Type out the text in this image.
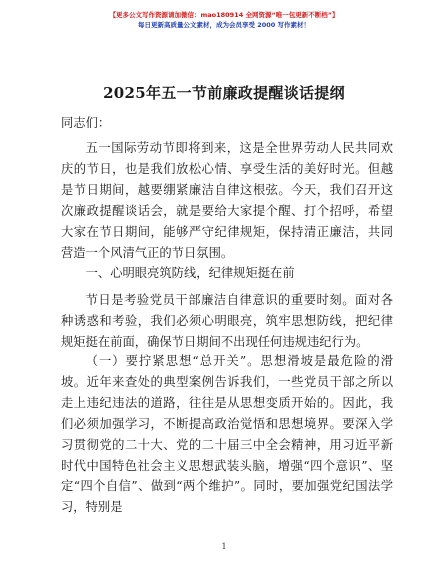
【更多公文写作资源请加微信：mao180914 全网资源“唯一包更新不断档”】
每日更新高质量公文素材，成为会员享受 2000 写作素材！
2025年五一节前廉政提醒谈话提纲
同志们：
五一国际劳动节即将到来，这是全世界劳动人民共同欢庆的节日，也是我们放松心情、享受生活的美好时光。但越是节日期间，越要绷紧廉洁自律这根弦。今天，我们召开这次廉政提醒谈话会，就是要给大家提个醒、打个招呼，希望大家在节日期间，能够严守纪律规矩，保持清正廉洁，共同营造一个风清气正的节日氛围。
一、心明眼亮筑防线，纪律规矩挺在前
节日是考验党员干部廉洁自律意识的重要时刻。面对各种诱惑和考验，我们必须心明眼亮，筑牢思想防线，把纪律规矩挺在前面，确保节日期间不出现任何违规违纪行为。
（一）要拧紧思想“总开关”。思想滑坡是最危险的滑坡。近年来查处的典型案例告诉我们，一些党员干部之所以走上违纪违法的道路，往往是从思想变质开始的。因此，我们必须加强学习，不断提高政治觉悟和思想境界。要深入学习贯彻党的二十大、党的二十届三中全会精神，用习近平新时代中国特色社会主义思想武装头脑，增强“四个意识”、坚定“四个自信”、做到“两个维护”。同时，要加强党纪国法学习，特别是
1
